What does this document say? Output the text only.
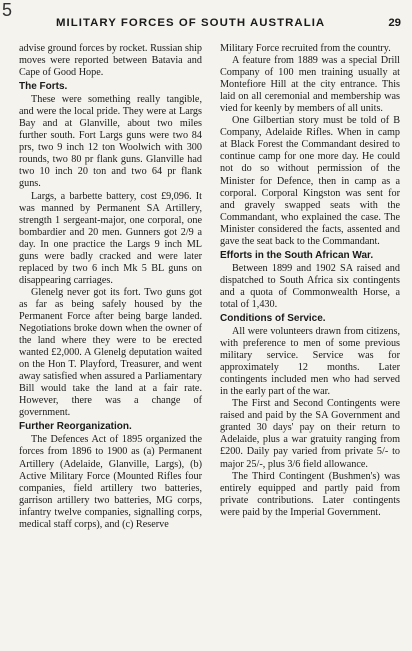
5
MILITARY FORCES OF SOUTH AUSTRALIA	29

advise ground forces by rocket. Russian ship moves were reported between Batavia and Cape of Good Hope.

The Forts.

These were something really tangible, and were the local pride. They were at Largs Bay and at Glanville, about two miles further south. Fort Largs guns were two 84 prs, two 9 inch 12 ton Woolwich with 300 rounds, two 80 pr flank guns. Glanville had two 10 inch 20 ton and two 64 pr flank guns.

Largs, a barbette battery, cost £9,096. It was manned by Permanent SA Artillery, strength 1 sergeant-major, one corporal, one bombardier and 20 men. Gunners got 2/9 a day. In one practice the Largs 9 inch ML guns were badly cracked and were later replaced by two 6 inch Mk 5 BL guns on disappearing carriages.

Glenelg never got its fort. Two guns got as far as being safely housed by the Permanent Force after being barge landed. Negotiations broke down when the owner of the land where they were to be erected wanted £2,000. A Glenelg deputation waited on the Hon T. Playford, Treasurer, and went away satisfied when assured a Parliamentary Bill would take the land at a fair rate. However, there was a change of government.

Further Reorganization.

The Defences Act of 1895 organized the forces from 1896 to 1900 as (a) Permanent Artillery (Adelaide, Glanville, Largs), (b) Active Military Force (Mounted Rifles four companies, field artillery two batteries, garrison artillery two batteries, MG corps, infantry twelve companies, signalling corps, medical staff corps), and (c) Reserve

Military Force recruited from the country.

A feature from 1889 was a special Drill Company of 100 men training usually at Montefiore Hill at the city entrance. This laid on all ceremonial and membership was vied for keenly by members of all units.

One Gilbertian story must be told of B Company, Adelaide Rifles. When in camp at Black Forest the Commandant desired to continue camp for one more day. He could not do so without permission of the Minister for Defence, then in camp as a corporal. Corporal Kingston was sent for and gravely swapped seats with the Commandant, who explained the case. The Minister considered the facts, assented and gave the seat back to the Commandant.

Efforts in the South African War.

Between 1899 and 1902 SA raised and dispatched to South Africa six contingents and a quota of Commonwealth Horse, a total of 1,430.

Conditions of Service.

All were volunteers drawn from citizens, with preference to men of some previous military service. Service was for approximately 12 months. Later contingents included men who had served in the early part of the war.

The First and Second Contingents were raised and paid by the SA Government and granted 30 days' pay on their return to Adelaide, plus a war gratuity ranging from £200. Daily pay varied from private 5/- to major 25/-, plus 3/6 field allowance.

The Third Contingent (Bushmen's) was entirely equipped and partly paid from private contributions. Later contingents were paid by the Imperial Government.
